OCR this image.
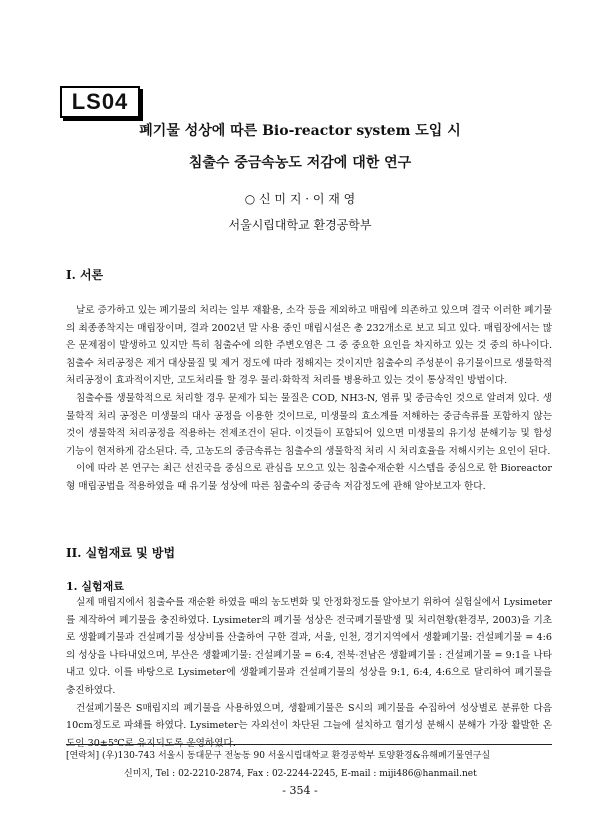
LS04
폐기물 성상에 따른 Bio-reactor system 도입 시
침출수 중금속농도 저감에 대한 연구
○ 신 미 지 · 이 재 영
서울시립대학교 환경공학부
I. 서론
날로 증가하고 있는 폐기물의 처리는 일부 재활용, 소각 등을 제외하고 매립에 의존하고 있으며 결국 이러한 폐기물의 최종종착지는 매립장이며, 결과 2002년 말 사용 중인 매립시설은 총 232개소로 보고 되고 있다. 매립장에서는 많은 문제점이 발생하고 있지만 특히 침출수에 의한 주변오염은 그 중 중요한 요인을 차지하고 있는 것 중의 하나이다. 침출수 처리공정은 제거 대상물질 및 제거 정도에 따라 정해지는 것이지만 침출수의 주성분이 유기물이므로 생물학적 처리공정이 효과적이지만, 고도처리를 할 경우 물리·화학적 처리를 병용하고 있는 것이 통상적인 방법이다.
침출수를 생물학적으로 처리할 경우 문제가 되는 물질은 COD, NH3-N, 염류 및 중금속인 것으로 알려져 있다. 생물학적 처리 공정은 미생물의 대사 공정을 이용한 것이므로, 미생물의 효소계를 저해하는 중금속류를 포함하지 않는 것이 생물학적 처리공정을 적용하는 전제조건이 된다. 이것들이 포함되어 있으면 미생물의 유기성 분해기능 및 합성기능이 현저하게 감소된다. 즉, 고농도의 중금속류는 침출수의 생물학적 처리 시 처리효율을 저해시키는 요인이 된다.
이에 따라 본 연구는 최근 선진국을 중심으로 관심을 모으고 있는 침출수재순환 시스템을 중심으로 한 Bioreactor형 매립공법을 적용하였을 때 유기물 성상에 따른 침출수의 중금속 저감정도에 관해 알아보고자 한다.
II. 실험재료 및 방법
1. 실험재료
실제 매립지에서 침출수를 재순환 하였을 때의 농도변화 및 안정화정도를 알아보기 위하여 실험실에서 Lysimeter를 제작하여 폐기물을 충진하였다. Lysimeter의 폐기물 성상은 전국폐기물발생 및 처리현황(환경부, 2003)을 기초로 생활폐기물과 건설폐기물 성상비를 산출하여 구한 결과, 서울, 인천, 경기지역에서 생활폐기물: 건설폐기물 = 4:6의 성상을 나타내었으며, 부산은 생활폐기물: 건설폐기물 = 6:4, 전북·전남은 생활폐기물 : 건설폐기물 = 9:1을 나타내고 있다. 이를 바탕으로 Lysimeter에 생활폐기물과 건설폐기물의 성상을 9:1, 6:4, 4:6으로 달리하여 폐기물을 충진하였다.
건설폐기물은 S매립지의 폐기물을 사용하였으며, 생활폐기물은 S시의 폐기물을 수집하여 성상별로 분류한 다음 10cm정도로 파쇄를 하였다. Lysimeter는 자외선이 차단된 그늘에 설치하고 혐기성 분해시 분해가 가장 활발한 온도인 30±5℃로 유지되도록 운영하였다.
[연락처] (우)130-743 서울시 동대문구 전농동 90 서울시립대학교 환경공학부 토양환경&유해폐기물연구실
신미지, Tel : 02-2210-2874, Fax : 02-2244-2245, E-mail : miji486@hanmail.net
- 354 -
